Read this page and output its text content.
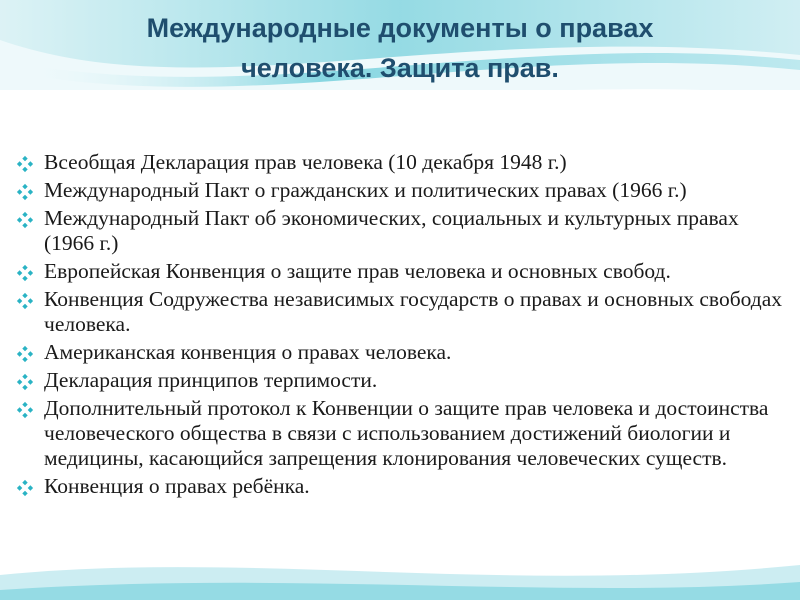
Международные документы о правах
человека. Защита прав.
Всеобщая Декларация прав человека (10 декабря 1948 г.)
Международный Пакт о гражданских и политических правах (1966 г.)
Международный Пакт об экономических, социальных и культурных правах (1966 г.)
Европейская Конвенция о защите прав человека и основных свобод.
Конвенция Содружества независимых государств о правах и основных свободах человека.
Американская конвенция о правах человека.
Декларация принципов терпимости.
Дополнительный протокол к Конвенции о защите прав человека и достоинства человеческого общества в связи с использованием достижений биологии и медицины, касающийся запрещения клонирования человеческих существ.
Конвенция о правах ребёнка.
